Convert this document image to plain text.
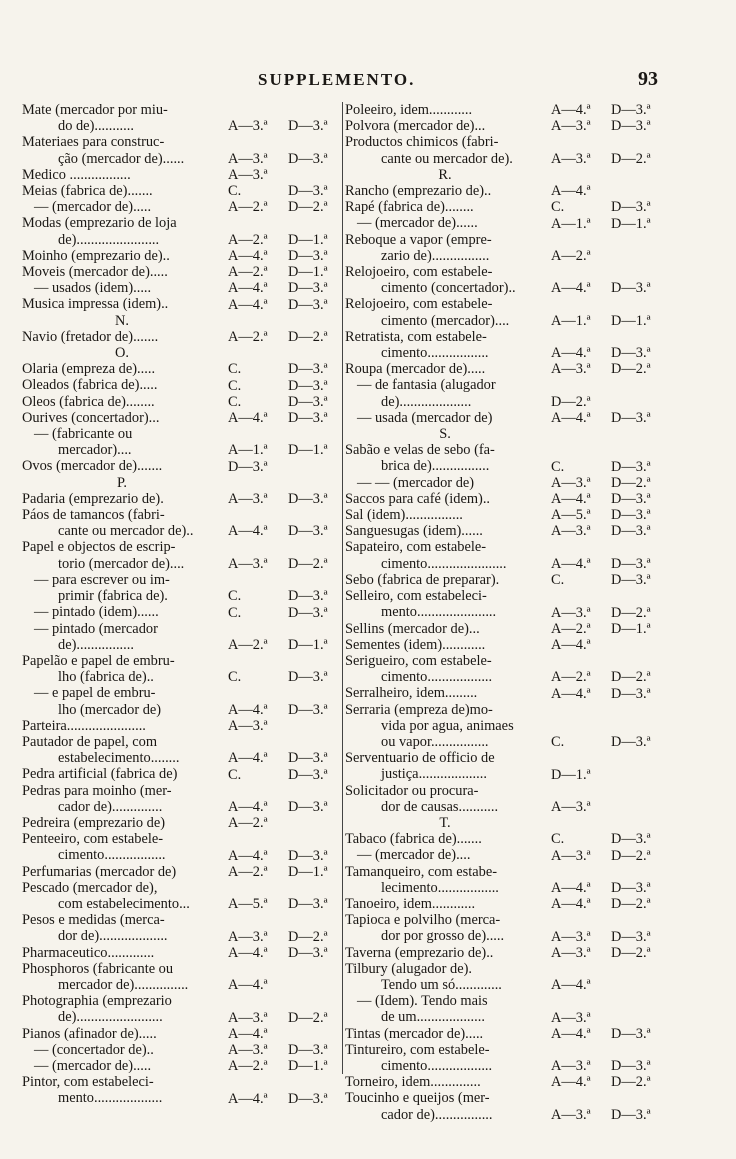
SUPPLEMENTO.	93
Mate (mercador por miu-
do de)...........	A—3.ª D—3.ª
Materiaes para construc-
ção (mercador de)......	A—3.ª D—3.ª
Medico .................	A—3.ª
Meias (fabrica de).......	C.	D—3.ª
— (mercador de).....	A—2.ª D—2.ª
Modas (emprezario de loja
de).......................	A—2.ª D—1.ª
Moinho (emprezario de)..	A—4.ª D—3.ª
Moveis (mercador de).....	A—2.ª D—1.ª
— usados (idem).....	A—4.ª D—3.ª
Musica impressa (idem)..	A—4.ª D—3.ª
N.
Navio (fretador de).......	A—2.ª D—2.ª
O.
Olaria (empreza de).....	C.	D—3.ª
Oleados (fabrica de).....	C.	D—3.ª
Oleos (fabrica de)........	C.	D—3.ª
Ourives (concertador)...	A—4.ª D—3.ª
— (fabricante ou
mercador)....	A—1.ª D—1.ª
Ovos (mercador de).......	D—3.ª
P.
Padaria (emprezario de).	A—3.ª D—3.ª
Páos de tamancos (fabri-
cante ou mercador de)..	A—4.ª D—3.ª
Papel e objectos de escrip-
torio (mercador de)....	A—3.ª D—2.ª
— para escrever ou im-
primir (fabrica de).	C.	D—3.ª
— pintado (idem)......	C.	D—3.ª
— pintado (mercador
de)................	A—2.ª D—1.ª
Papelão e papel de embru-
lho (fabrica de)..	C.	D—3.ª
— e papel de embru-
lho (mercador de)	A—4.ª D—3.ª
Parteira......................	A—3.ª
Pautador de papel, com
estabelecimento........	A—4.ª D—3.ª
Pedra artificial (fabrica de)	C.	D—3.ª
Pedras para moinho (mer-
cador de)..............	A—4.ª D—3.ª
Pedreira (emprezario de)	A—2.ª
Penteeiro, com estabele-
cimento.................	A—4.ª D—3.ª
Perfumarias (mercador de)	A—2.ª D—1.ª
Pescado (mercador de),
com estabelecimento...	A—5.ª D—3.ª
Pesos e medidas (merca-
dor de)...................	A—3.ª D—2.ª
Pharmaceutico.............	A—4.ª D—3.ª
Phosphoros (fabricante ou
mercador de)...............	A—4.ª
Photographia (emprezario
de)........................	A—3.ª D—2.ª
Pianos (afinador de).....	A—4.ª
— (concertador de)..	A—3.ª D—3.ª
— (mercador de).....	A—2.ª D—1.ª
Pintor, com estabeleci-
mento...................	A—4.ª D—3.ª
Poleeiro, idem............	A—4.ª D—3.ª
Polvora (mercador de)...	A—3.ª D—3.ª
Productos chimicos (fabri-
cante ou mercador de).	A—3.ª D—2.ª
R.
Rancho (emprezario de)..	A—4.ª
Rapé (fabrica de)........	C.	D—3.ª
— (mercador de)......	A—1.ª D—1.ª
Reboque a vapor (empre-
zario de)................	A—2.ª
Relojoeiro, com estabele-
cimento (concertador)..	A—4.ª D—3.ª
Relojoeiro, com estabele-
cimento (mercador)....	A—1.ª D—1.ª
Retratista, com estabele-
cimento.................	A—4.ª D—3.ª
Roupa (mercador de).....	A—3.ª D—2.ª
— de fantasia (alugador
de)....................	D—2.ª
— usada (mercador de)	A—4.ª D—3.ª
S.
Sabão e velas de sebo (fa-
brica de)................	C.	D—3.ª
— — (mercador de)	A—3.ª D—2.ª
Saccos para café (idem)..	A—4.ª D—3.ª
Sal (idem)................	A—5.ª D—3.ª
Sanguesugas (idem)......	A—3.ª D—3.ª
Sapateiro, com estabele-
cimento......................	A—4.ª D—3.ª
Sebo (fabrica de preparar).	C.	D—3.ª
Selleiro, com estabeleci-
mento......................	A—3.ª D—2.ª
Sellins (mercador de)...	A—2.ª D—1.ª
Sementes (idem)............	A—4.ª
Serigueiro, com estabele-
cimento..................	A—2.ª D—2.ª
Serralheiro, idem.........	A—4.ª D—3.ª
Serraria (empreza de)mo-
vida por agua, animaes
ou vapor................	C.	D—3.ª
Serventuario de officio de
justiça...................	D—1.ª
Solicitador ou procura-
dor de causas...........	A—3.ª
T.
Tabaco (fabrica de).......	C.	D—3.ª
— (mercador de)....	A—3.ª D—2.ª
Tamanqueiro, com estabe-
lecimento.................	A—4.ª D—3.ª
Tanoeiro, idem............	A—4.ª D—2.ª
Tapioca e polvilho (merca-
dor por grosso de).....	A—3.ª D—3.ª
Taverna (emprezario de)..	A—3.ª D—2.ª
Tilbury (alugador de).
Tendo um só.............	A—4.ª
— (Idem). Tendo mais
de um...................	A—3.ª
Tintas (mercador de).....	A—4.ª D—3.ª
Tintureiro, com estabele-
cimento..................	A—3.ª D—3.ª
Torneiro, idem..............	A—4.ª D—2.ª
Toucinho e queijos (mer-
cador de)................	A—3.ª D—3.ª
